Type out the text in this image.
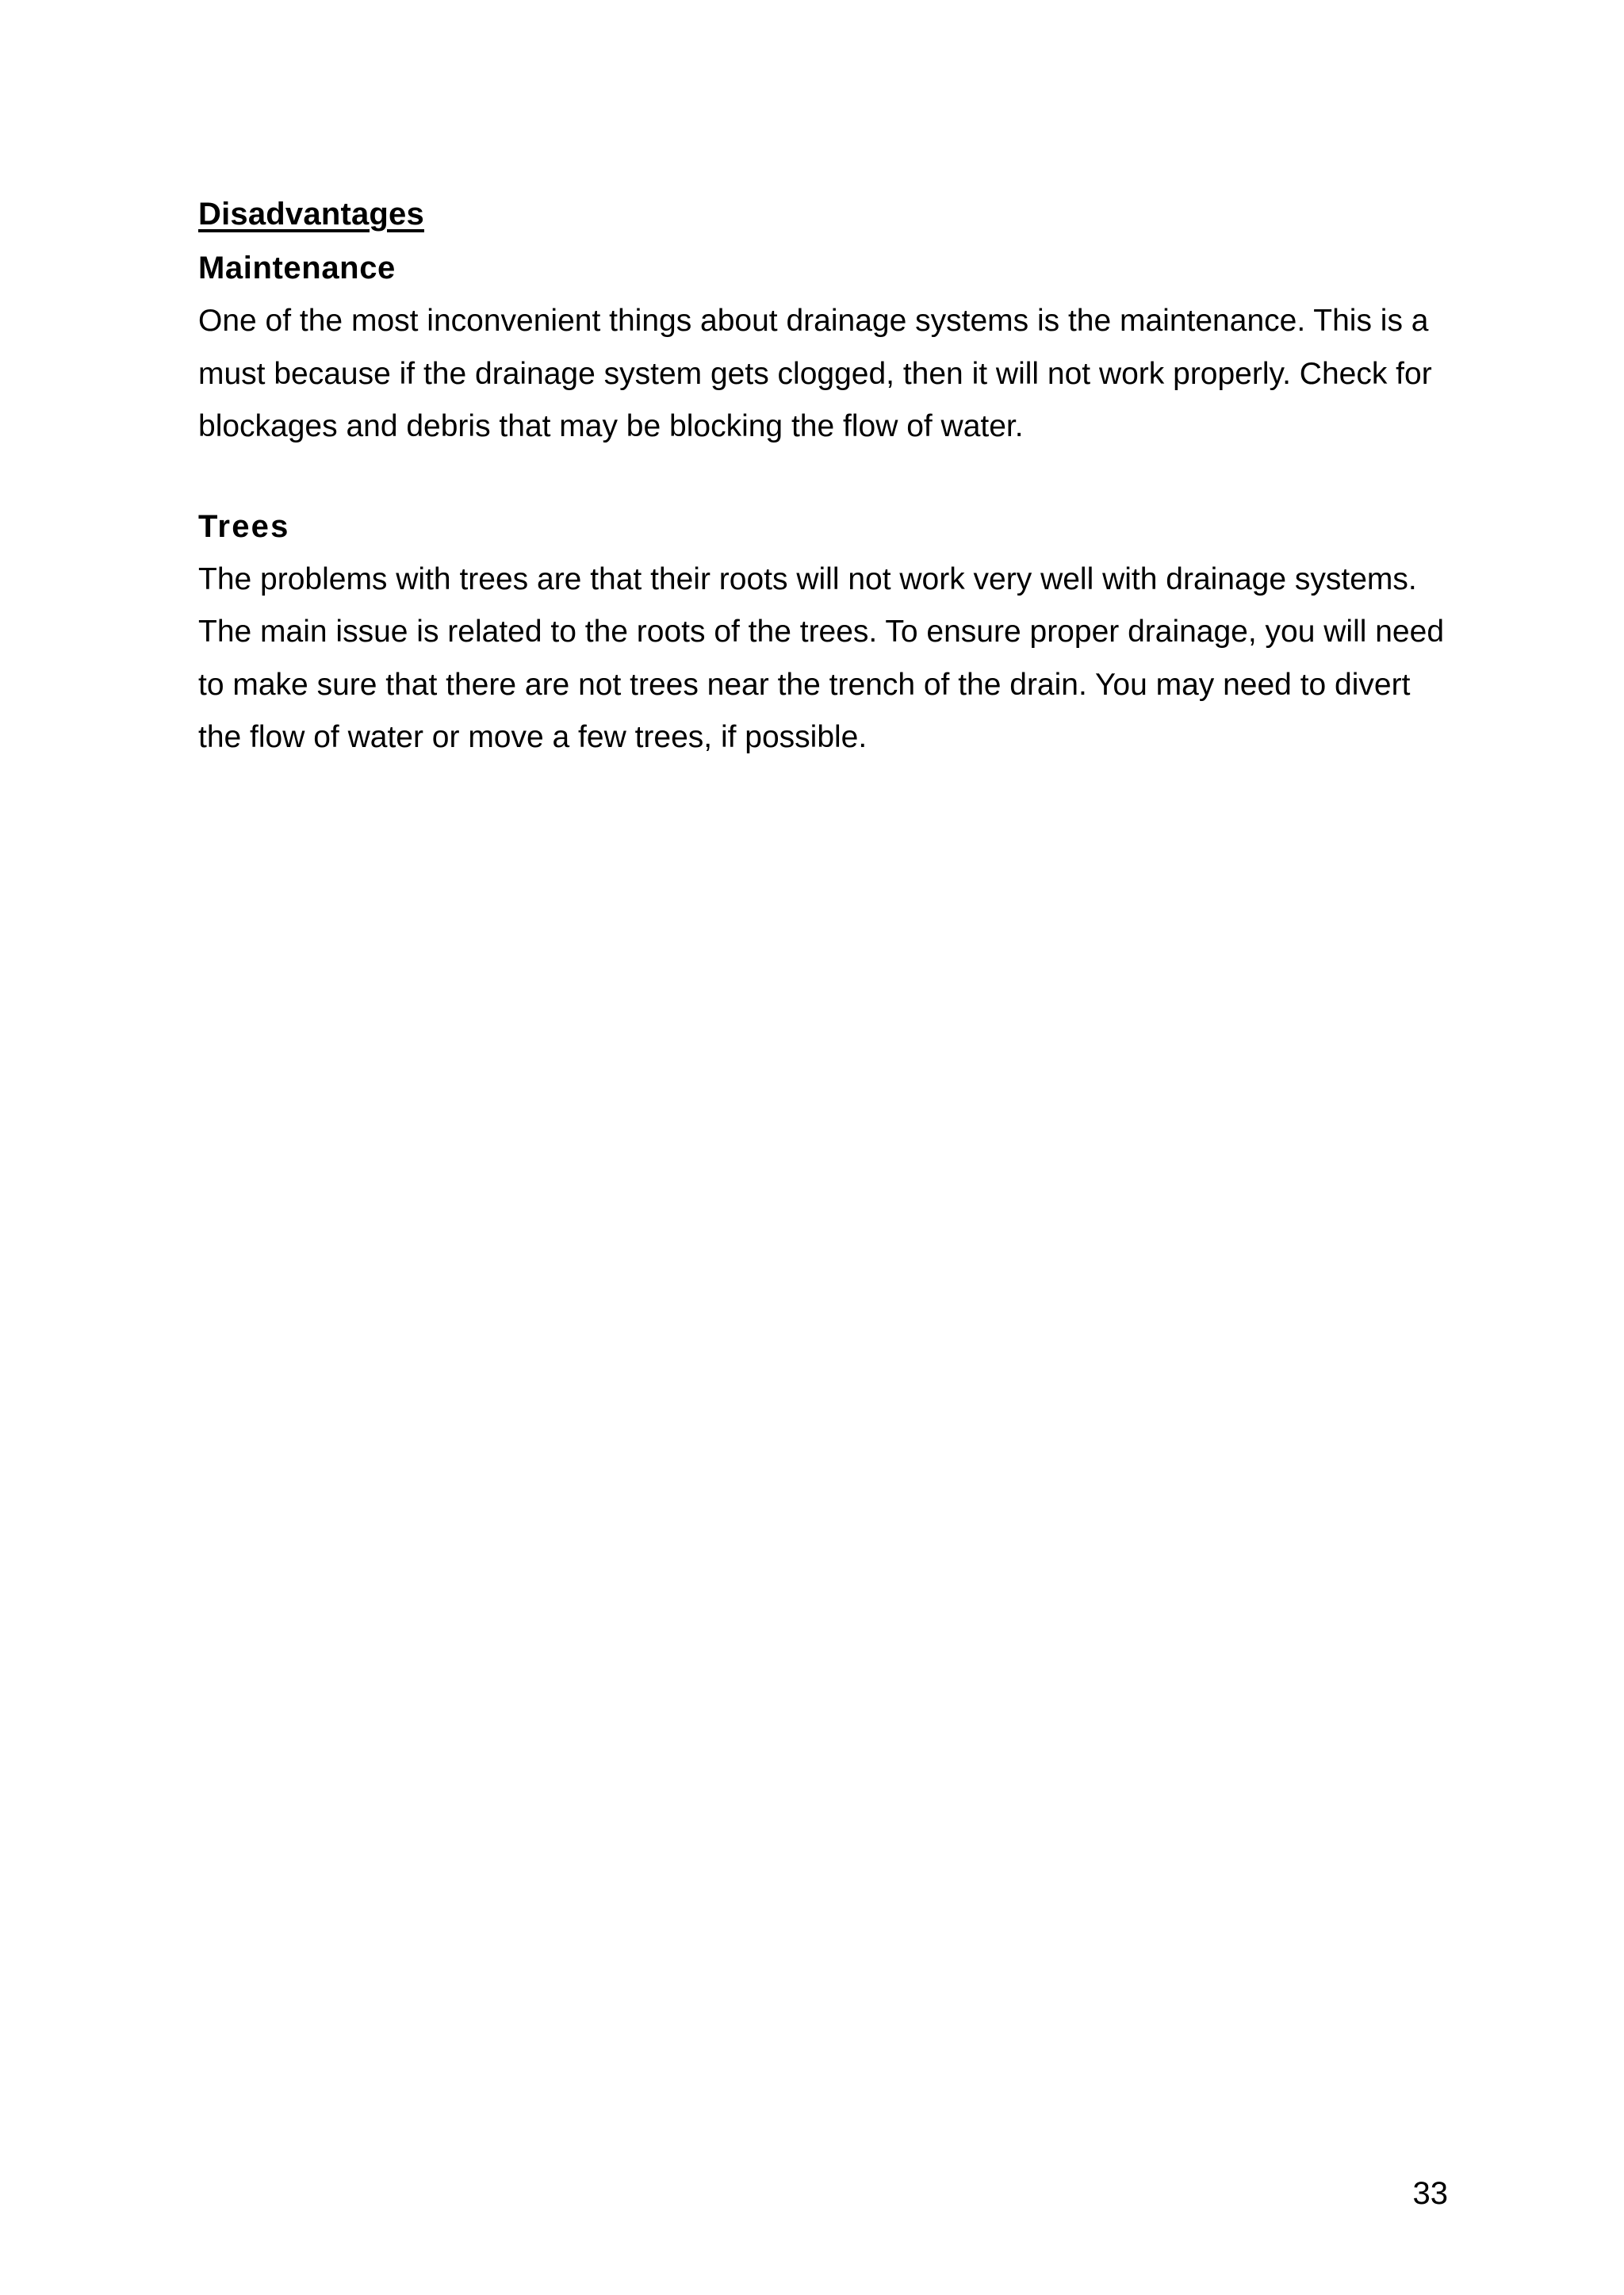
Disadvantages
Maintenance

One of the most inconvenient things about drainage systems is the maintenance. This is a must because if the drainage system gets clogged, then it will not work properly. Check for blockages and debris that may be blocking the flow of water.

Trees

The problems with trees are that their roots will not work very well with drainage systems. The main issue is related to the roots of the trees. To ensure proper drainage, you will need to make sure that there are not trees near the trench of the drain. You may need to divert the flow of water or move a few trees, if possible.

33
